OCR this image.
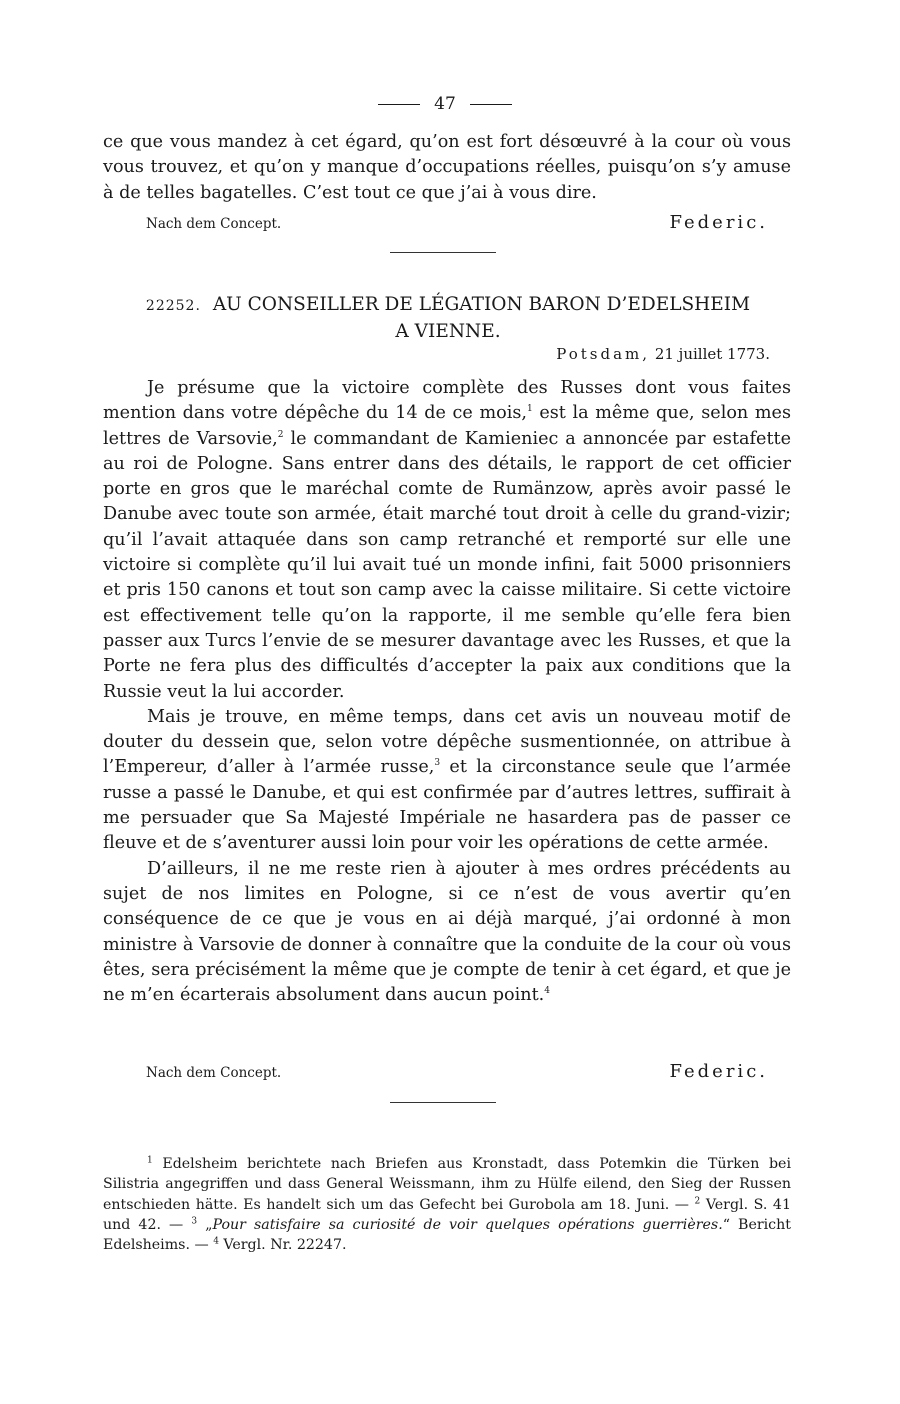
47

ce que vous mandez à cet égard, qu’on est fort désœuvré à la cour où vous vous trouvez, et qu’on y manque d’occupations réelles, puisqu’on s’y amuse à de telles bagatelles. C’est tout ce que j’ai à vous dire.

Nach dem Concept.	Federic.
22252. AU CONSEILLER DE LÉGATION BARON D’EDELSHEIM
A VIENNE.
Potsdam, 21 juillet 1773.

Je présume que la victoire complète des Russes dont vous faites mention dans votre dépêche du 14 de ce mois,$^1$ est la même que, selon mes lettres de Varsovie,$^2$ le commandant de Kamieniec a annoncée par estafette au roi de Pologne. Sans entrer dans des détails, le rapport de cet officier porte en gros que le maréchal comte de Rumänzow, après avoir passé le Danube avec toute son armée, était marché tout droit à celle du grand-vizir; qu’il l’avait attaquée dans son camp retranché et remporté sur elle une victoire si complète qu’il lui avait tué un monde infini, fait 5000 prisonniers et pris 150 canons et tout son camp avec la caisse militaire. Si cette victoire est effectivement telle qu’on la rapporte, il me semble qu’elle fera bien passer aux Turcs l’envie de se mesurer davantage avec les Russes, et que la Porte ne fera plus des difficultés d’accepter la paix aux conditions que la Russie veut la lui accorder.

Mais je trouve, en même temps, dans cet avis un nouveau motif de douter du dessein que, selon votre dépêche susmentionnée, on attribue à l’Empereur, d’aller à l’armée russe,$^3$ et la circonstance seule que l’armée russe a passé le Danube, et qui est confirmée par d’autres lettres, suffirait à me persuader que Sa Majesté Impériale ne hasardera pas de passer ce fleuve et de s’aventurer aussi loin pour voir les opérations de cette armée.

D’ailleurs, il ne me reste rien à ajouter à mes ordres précédents au sujet de nos limites en Pologne, si ce n’est de vous avertir qu’en conséquence de ce que je vous en ai déjà marqué, j’ai ordonné à mon ministre à Varsovie de donner à connaître que la conduite de la cour où vous êtes, sera précisément la même que je compte de tenir à cet égard, et que je ne m’en écarterais absolument dans aucun point.$^4$

Nach dem Concept.	Federic.

$^1$ Edelsheim berichtete nach Briefen aus Kronstadt, dass Potemkin die Türken bei Silistria angegriffen und dass General Weissmann, ihm zu Hülfe eilend, den Sieg der Russen entschieden hätte. Es handelt sich um das Gefecht bei Gurobola am 18. Juni. — $^2$ Vergl. S. 41 und 42. — $^3$ „Pour satisfaire sa curiosité de voir quelques opérations guerrières.“ Bericht Edelsheims. — $^4$ Vergl. Nr. 22247.
